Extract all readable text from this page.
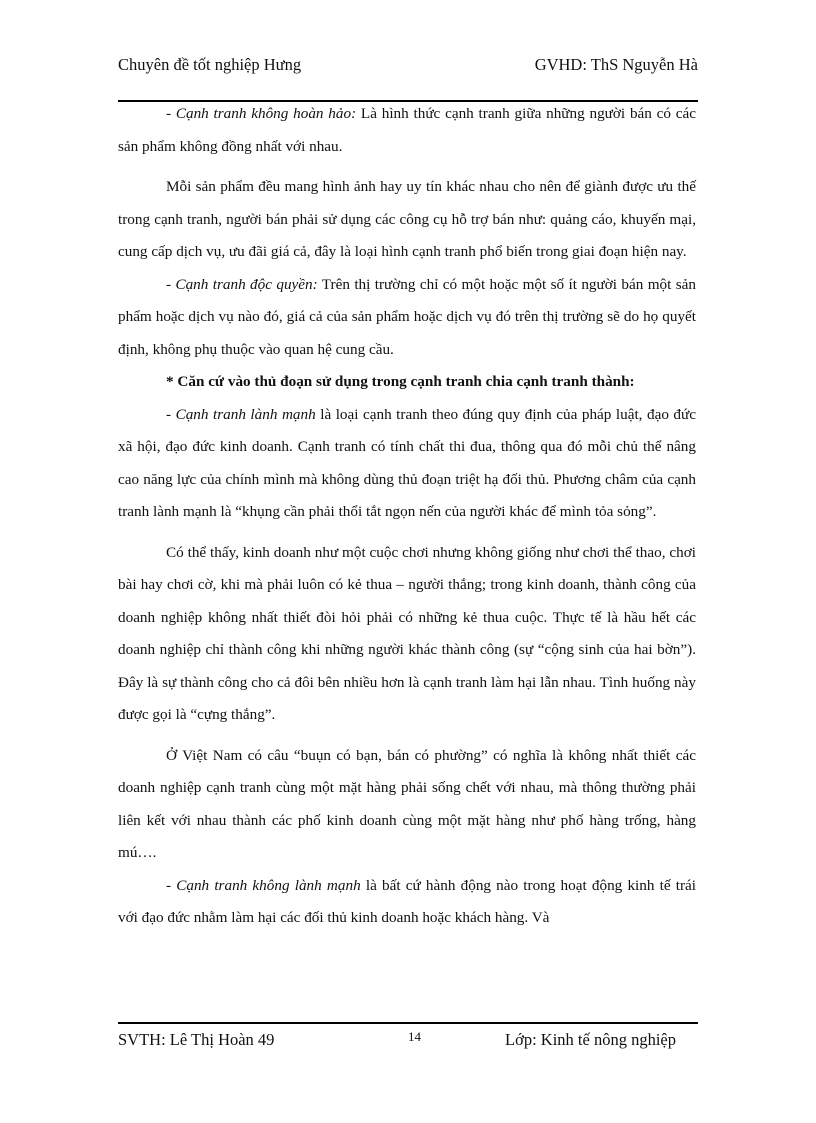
Chuyên đề tốt nghiệp Hưng	GVHD: ThS Nguyễn Hà

- Cạnh tranh không hoàn hảo: Là hình thức cạnh tranh giữa những người bán có các sản phẩm không đồng nhất với nhau.

Mỗi sản phẩm đều mang hình ảnh hay uy tín khác nhau cho nên để giành được ưu thế trong cạnh tranh, người bán phải sử dụng các công cụ hỗ trợ bán như: quảng cáo, khuyến mại, cung cấp dịch vụ, ưu đãi giá cả, đây là loại hình cạnh tranh phổ biến trong giai đoạn hiện nay.

- Cạnh tranh độc quyền: Trên thị trường chỉ có một hoặc một số ít người bán một sản phẩm hoặc dịch vụ nào đó, giá cả của sản phẩm hoặc dịch vụ đó trên thị trường sẽ do họ quyết định, không phụ thuộc vào quan hệ cung cầu.

* Căn cứ vào thủ đoạn sử dụng trong cạnh tranh chia cạnh tranh thành:

- Cạnh tranh lành mạnh là loại cạnh tranh theo đúng quy định của pháp luật, đạo đức xã hội, đạo đức kinh doanh. Cạnh tranh có tính chất thi đua, thông qua đó mỗi chủ thể nâng cao năng lực của chính mình mà không dùng thủ đoạn triệt hạ đối thủ. Phương châm của cạnh tranh lành mạnh là “khụng cần phải thổi tắt ngọn nến của người khác để mình tỏa sỏng”.

Có thể thấy, kinh doanh như một cuộc chơi nhưng không giống như chơi thể thao, chơi bài hay chơi cờ, khi mà phải luôn có kẻ thua – người thắng; trong kinh doanh, thành công của doanh nghiệp không nhất thiết đòi hỏi phải có những kẻ thua cuộc. Thực tế là hầu hết các doanh nghiệp chỉ thành công khi những người khác thành công (sự “cộng sinh của hai bờn”). Đây là sự thành công cho cả đôi bên nhiều hơn là cạnh tranh làm hại lẫn nhau. Tình huống này được gọi là “cựng thắng”.

Ở Việt Nam có câu “buụn có bạn, bán có phường” có nghĩa là không nhất thiết các doanh nghiệp cạnh tranh cùng một mặt hàng phải sống chết với nhau, mà thông thường phải liên kết với nhau thành các phố kinh doanh cùng một mặt hàng như phố hàng trống, hàng mú….

- Cạnh tranh không lành mạnh là bất cứ hành động nào trong hoạt động kinh tế trái với đạo đức nhằm làm hại các đối thủ kinh doanh hoặc khách hàng. Và

SVTH: Lê Thị Hoàn 49	14	Lớp: Kinh tế nông nghiệp
